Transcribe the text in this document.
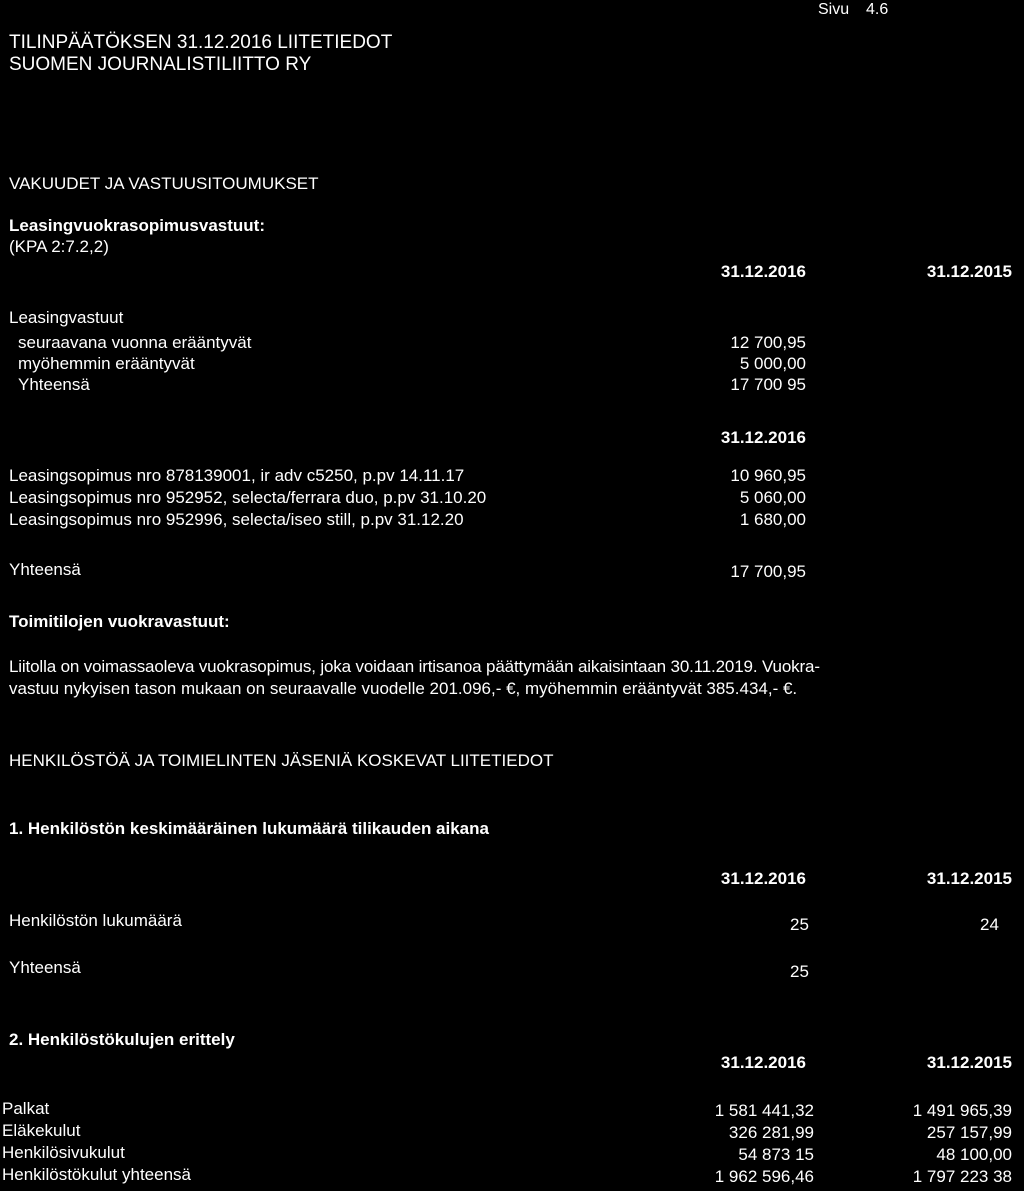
TILINPÄÄTÖKSEN 31.12.2016 LIITETIEDOT
SUOMEN JOURNALISTILIITTO RY
Sivu 4.6
VAKUUDET JA VASTUUSITOUMUKSET
Leasingvuokrasopimusvastuut:
(KPA 2:7.2,2)
31.12.2016	31.12.2015
Leasingvastuut
seuraavana vuonna erääntyvät	12 700,95
myöhemmin erääntyvät	5 000,00
Yhteensä	17 700 95
31.12.2016
Leasingsopimus nro 878139001, ir adv c5250, p.pv 14.11.17	10 960,95
Leasingsopimus nro 952952, selecta/ferrara duo, p.pv 31.10.20	5 060,00
Leasingsopimus nro 952996, selecta/iseo still, p.pv 31.12.20	1 680,00
Yhteensä	17 700,95
Toimitilojen vuokravastuut:
Liitolla on voimassaoleva vuokrasopimus, joka voidaan irtisanoa päättymään aikaisintaan 30.11.2019. Vuokra-
vastuu nykyisen tason mukaan on seuraavalle vuodelle 201.096,- €, myöhemmin erääntyvät 385.434,- €.
HENKILÖSTÖÄ JA TOIMIELINTEN JÄSENIÄ KOSKEVAT LIITETIEDOT
1. Henkilöstön keskimääräinen lukumäärä tilikauden aikana
31.12.2016	31.12.2015
Henkilöstön lukumäärä	25	24
Yhteensä	25
2. Henkilöstökulujen erittely
31.12.2016	31.12.2015
Palkat	1 581 441,32	1 491 965,39
Eläkekulut	326 281,99	257 157,99
Henkilösivukulut	54 873 15	48 100,00
Henkilöstökulut yhteensä	1 962 596,46	1 797 223 38
